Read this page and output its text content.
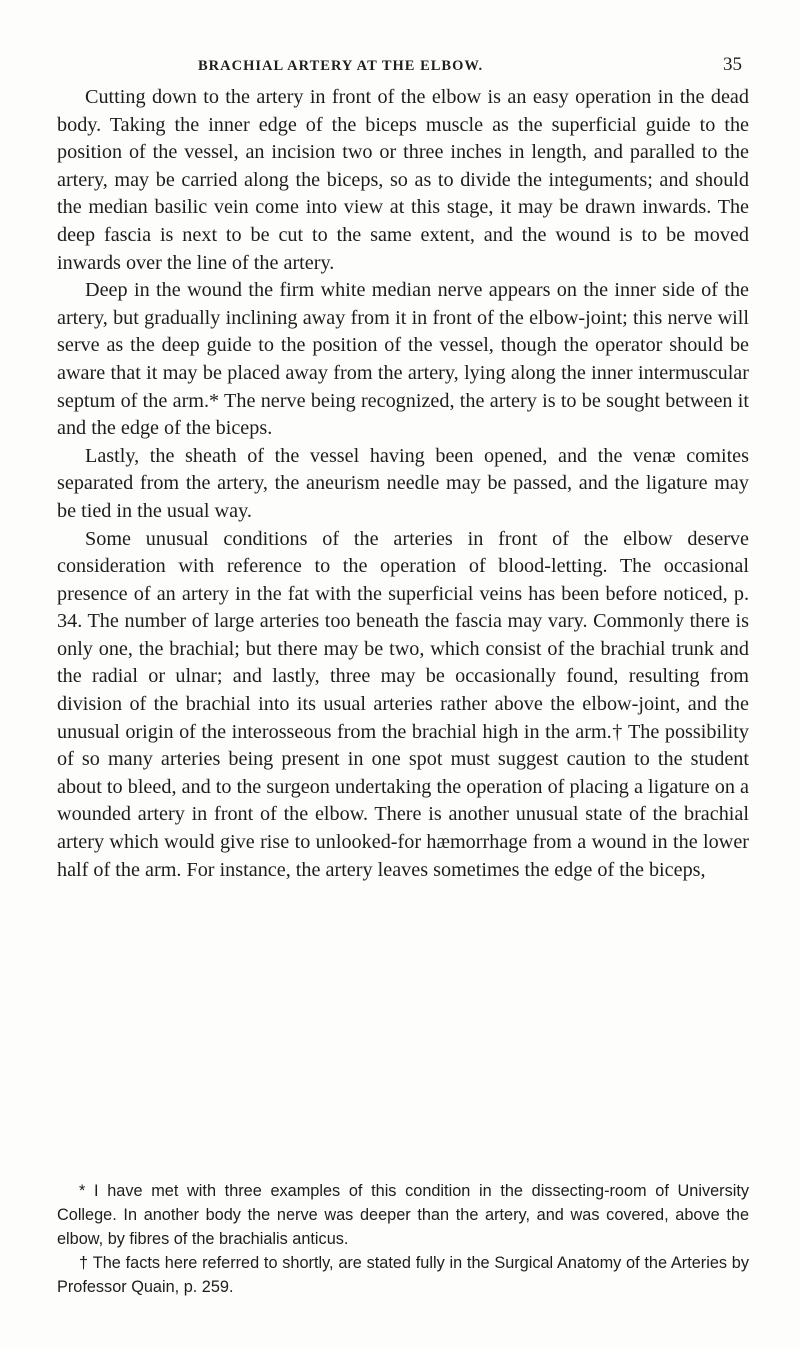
BRACHIAL ARTERY AT THE ELBOW.	35

Cutting down to the artery in front of the elbow is an easy operation in the dead body. Taking the inner edge of the biceps muscle as the superficial guide to the position of the vessel, an incision two or three inches in length, and paralled to the artery, may be carried along the biceps, so as to divide the integuments; and should the median basilic vein come into view at this stage, it may be drawn inwards. The deep fascia is next to be cut to the same extent, and the wound is to be moved inwards over the line of the artery.

Deep in the wound the firm white median nerve appears on the inner side of the artery, but gradually inclining away from it in front of the elbow-joint; this nerve will serve as the deep guide to the position of the vessel, though the operator should be aware that it may be placed away from the artery, lying along the inner intermuscular septum of the arm.* The nerve being recognized, the artery is to be sought between it and the edge of the biceps.

Lastly, the sheath of the vessel having been opened, and the venæ comites separated from the artery, the aneurism needle may be passed, and the ligature may be tied in the usual way.

Some unusual conditions of the arteries in front of the elbow deserve consideration with reference to the operation of blood-letting. The occasional presence of an artery in the fat with the superficial veins has been before noticed, p. 34. The number of large arteries too beneath the fascia may vary. Commonly there is only one, the brachial; but there may be two, which consist of the brachial trunk and the radial or ulnar; and lastly, three may be occasionally found, resulting from division of the brachial into its usual arteries rather above the elbow-joint, and the unusual origin of the interosseous from the brachial high in the arm.† The possibility of so many arteries being present in one spot must suggest caution to the student about to bleed, and to the surgeon undertaking the operation of placing a ligature on a wounded artery in front of the elbow. There is another unusual state of the brachial artery which would give rise to unlooked-for hæmorrhage from a wound in the lower half of the arm. For instance, the artery leaves sometimes the edge of the biceps,

* I have met with three examples of this condition in the dissecting-room of University College. In another body the nerve was deeper than the artery, and was covered, above the elbow, by fibres of the brachialis anticus.

† The facts here referred to shortly, are stated fully in the Surgical Anatomy of the Arteries by Professor Quain, p. 259.
